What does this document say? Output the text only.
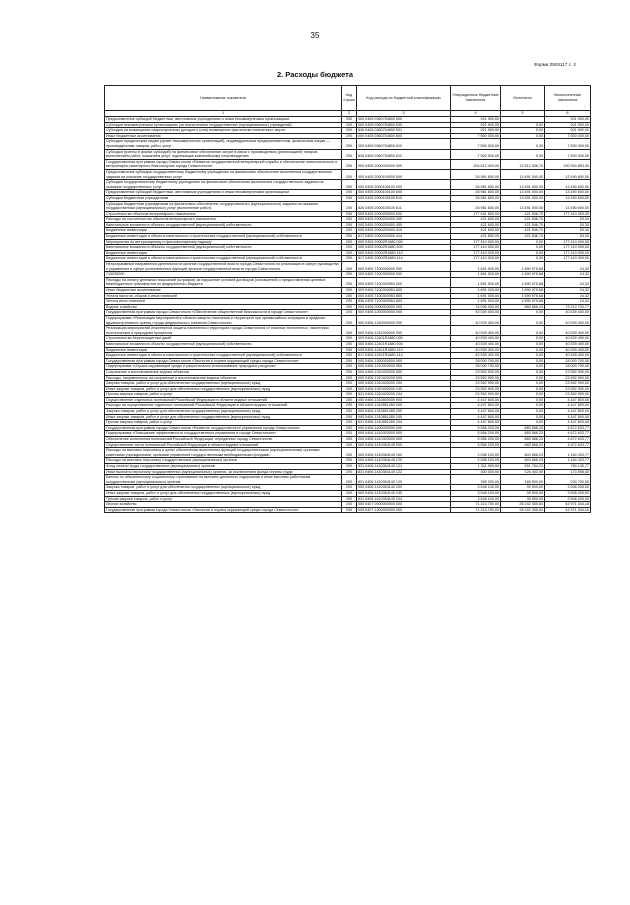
35
Форма 0503117 с. 2
2. Расходы бюджета
Наименование показателя	Код строки	Код расхода по бюджетной классификации	Утвержденные бюджетные назначения	Исполнено	Неисполненные назначения
1	2	3	4	5	6
Предоставление субсидий бюджетным, автономным учреждениям и иным некоммерческим организациям	200	000 0405 0360754800 600	921 900,00		921 900,00
Субсидии некоммерческим организациям (за исключением государственных (муниципальных) учреждений)	200	000 0405 0360754800 630	921 900,00	0,00	921 900,00
Субсидии на возмещение недополученных доходов и (или) возмещение фактически понесенных затрат	200	836 0405 0360754800 631	921 900,00	0,00	921 900,00
Иные бюджетные ассигнования	200	000 0405 0360754800 800	7 500 000,00	0,00	7 500 000,00
Субсидии юридическим лицам (кроме некоммерческих организаций), индивидуальным предпринимателям, физическим лицам — производителям товаров, работ, услуг	200	000 0405 0360754800 810	7 500 000,00	0,00	7 500 000,00
Субсидии (гранты в форме субсидий) на финансовое обеспечение затрат в связи с производством (реализацией) товаров, выполнением работ, оказанием услуг, подлежащие казначейскому сопровождению	200	836 0405 0360754800 812	7 500 000,00	0,00	7 500 000,00
Государственная программа города Севастополя «Развитие государственной ветеринарной службы и обеспечение эпизоотического и ветеринарно-санитарного благополучия города Севастополя»	200	000 0405 2000000000 000	204 613 400,00	13 912 546,70	190 900 853,30
Предоставление субсидии государственному бюджетному учреждению на финансовое обеспечение выполнения государственного задания на оказание государственных услуг	200	000 0405 2000100000 000	26 981 600,00	13 491 000,00	13 490 600,00
Субсидия государственному бюджетному учреждению на финансовое обеспечение выполнения государственного задания на оказание государственных услуг	200	000 0405 2000100100 000	26 981 600,00	13 491 000,00	13 490 600,00
Предоставление субсидий бюджетным, автономным учреждениям и иным некоммерческим организациям	200	000 0405 2000100100 600	26 981 600,00	13 491 000,00	13 490 600,00
Субсидии бюджетным учреждениям	200	000 0405 2000100100 610	26 981 600,00	13 491 000,00	13 490 600,00
Субсидии бюджетным учреждениям на финансовое обеспечение государственного (муниципального) задания на оказание государственных (муниципальных) услуг (выполнение работ)	200	826 0405 2000100100 611	26 981 600,00	13 491 000,00	13 490 600,00
Строительство объектов ветеринарного назначения	200	000 0405 2000200000 000	177 631 800,00	421 546,70	177 410 053,30
Расходы на строительство объектов ветеринарного назначения	200	000 0405 2000200400 000	421 600,00	421 546,70	53,30
Капитальные вложения в объекты государственной (муниципальной) собственности	200	000 0405 2000200400 400	421 600,00	421 546,70	53,30
Бюджетные инвестиции	200	000 0405 2000200400 410	421 600,00	421 546,70	53,30
Бюджетные инвестиции в объекты капитального строительства государственной (муниципальной) собственности	200	817 0405 2000200400 414	421 600,00	421 546,70	53,30
Мероприятия по ветеринарному и фитосанитарному надзору	200	000 0405 20002R1880 000	177 410 000,00	0,00	177 410 000,00
Капитальные вложения в объекты государственной (муниципальной) собственности	200	000 0405 20002R1880 400	177 410 000,00	0,00	177 410 000,00
Бюджетные инвестиции	200	000 0405 20002R1880 410	177 410 000,00	0,00	177 410 000,00
Бюджетные инвестиции в объекты капитального строительства государственной (муниципальной) собственности	200	817 0405 20002R1880 414	177 410 000,00	0,00	177 410 000,00
Непрограммные направления деятельности органов государственной власти города Севастополя по реализации в сфере руководства и управления в сфере установленных функций органов государственной власти города Севастополя	200	000 0405 7100000000 000	1 691 000,00	1 690 975,68	24,32
710030000	200	000 0405 7100300000 000	1 691 000,00	1 690 975,68	24,32
Расходы на оплату денежных взысканий (штрафов) за нарушение условий договоров (соглашений) о предоставлении целевых межбюджетных трансфертов из федерального бюджета	200	000 0405 7100300953 000	1 691 000,00	1 690 975,68	24,32
Иные бюджетные ассигнования	200	000 0405 7100300953 800	1 691 000,00	1 690 975,68	24,32
Уплата налогов, сборов и иных платежей	200	000 0405 7100300953 850	1 691 000,00	1 690 975,68	24,32
Уплата иных платежей	200	836 0405 7100300953 853	1 691 000,00	1 690 975,68	24,32
Водное хозяйство	200	000 0406 0000000000 000	74 096 000,00	883 566,23	73 212 733,77
Государственная программа города Севастополя «Обеспечение общественной безопасности в городе Севастополе»	200	000 0406 1200000000 000	40 539 400,00	0,00	40 539 400,00
Подпрограмма «Реализация мероприятий в области защиты населения и территорий при чрезвычайных ситуациях в пределах административных границ города федерального значения Севастополя»	200	000 0406 1240000000 000	40 539 400,00	0,00	40 539 400,00
Реализация мероприятий инженерной защиты населения и территории города Севастополя от опасных техногенных, экзогенных геологических и природных процессов	200	000 0406 1241000000 000	40 539 400,00	0,00	40 539 400,00
Строительство берегозащитных дамб	200	000 0406 12401R1880 000	40 539 400,00	0,00	40 539 400,00
Капитальные вложения в объекты государственной (муниципальной) собственности	200	000 0406 12401R1880 400	40 539 400,00	0,00	40 539 400,00
Бюджетные инвестиции	200	000 0406 12401R1880 410	40 539 400,00	0,00	40 539 400,00
Бюджетные инвестиции в объекты капитального строительства государственной (муниципальной) собственности	200	817 0406 12401R1880 414	40 539 400,00	0,00	40 539 400,00
Государственная программа города Севастополя «Экология и охрана окружающей среды города Севастополя»	200	000 0406 1300000000 000	28 000 700,00	0,00	28 000 700,00
Подпрограмма «Охрана окружающей среды и рациональное использование природных ресурсов»	200	000 0406 1310000000 000	28 000 700,00	0,00	28 000 700,00
Сохранение и восстановление водных объектов	200	000 0406 1310400000 000	23 552 900,00	0,00	23 552 900,00
Расходы, направленные на сохранение и восстановление водных объектов	200	000 0406 1310400200 000	23 552 900,00	0,00	23 552 900,00
Закупка товаров, работ и услуг для обеспечения государственных (муниципальных) нужд	200	000 0406 1310400200 200	23 552 900,00	0,00	23 552 900,00
Иные закупки товаров, работ и услуг для обеспечения государственных (муниципальных) нужд	200	000 0406 1310400200 240	23 552 900,00	0,00	23 552 900,00
Прочая закупка товаров, работ и услуг	200	831 0406 1310400200 244	23 552 900,00	0,00	23 552 900,00
Осуществление отдельных полномочий Российской Федерации в области водных отношений	200	000 0406 1310800000 000	4 447 800,00	0,00	4 447 800,00
Расходы на осуществление отдельных полномочий Российской Федерации в области водных отношений	200	000 0406 1310851280 000	4 447 800,00	0,00	4 447 800,00
Закупка товаров, работ и услуг для обеспечения государственных (муниципальных) нужд	200	000 0406 1310851280 200	4 447 800,00	0,00	4 447 800,00
Иные закупки товаров, работ и услуг для обеспечения государственных (муниципальных) нужд	200	000 0406 1310851280 240	4 447 800,00	0,00	4 447 800,00
Прочая закупка товаров, работ и услуг	200	831 0406 1310851280 244	4 447 800,00	0,00	4 447 800,00
Государственная программа города Севастополя «Развитие государственного управления города Севастополя»	200	000 0406 1400000000 000	5 556 200,00	883 566,23	4 672 633,77
Подпрограмма «Повышение эффективности государственного управления в городе Севастополе»	200	000 0406 1410000000 000	5 556 200,00	883 566,23	4 672 633,77
Обеспечение исполнения полномочий Российской Федерации, переданных городу Севастополю	200	000 0406 1410300000 000	5 556 200,00	883 566,23	4 672 633,77
Осуществление части полномочий Российской Федерации в области водных отношений	200	000 0406 1410354140 000	5 556 200,00	883 566,23	4 672 633,77
Расходы на выплаты персоналу в целях обеспечения выполнения функций государственными (муниципальными) органами, казенными учреждениями, органами управления государственными внебюджетными фондами	200	000 0406 1410354140 100	2 008 100,00	843 666,23	1 164 433,77
Расходы на выплаты персоналу государственных (муниципальных) органов	200	000 0406 1410354140 120	2 008 100,00	843 666,23	1 164 433,77
Фонд оплаты труда государственных (муниципальных) органов	200	831 0406 1410354140 121	1 311 900,00	551 764,23	760 135,77
Иные выплаты персоналу государственных (муниципальных) органов, за исключением фонда оплаты труда	200	831 0406 1410354140 122	300 000,00	126 402,00	173 598,00
Взносы по обязательному социальному страхованию на выплаты денежного содержания и иные выплаты работникам государственных (муниципальных) органов	200	831 0406 1410354140 129	396 200,00	165 500,00	230 700,00
Закупка товаров, работ и услуг для обеспечения государственных (муниципальных) нужд	200	000 0406 1410354140 200	3 548 100,00	39 900,00	3 508 200,00
Иные закупки товаров, работ и услуг для обеспечения государственных (муниципальных) нужд	200	000 0406 1410354140 240	3 548 100,00	39 900,00	3 508 200,00
Прочая закупка товаров, работ и услуг	200	831 0406 1410354140 244	3 548 100,00	39 900,00	3 508 200,00
Лесное хозяйство	200	000 0407 0000000000 000	71 213 700,00	28 242 355,84	42 971 344,16
Государственная программа города Севастополя «Экология и охрана окружающей среды города Севастополя»	200	000 0407 1300000000 000	71 213 700,00	28 242 355,84	42 971 344,16
